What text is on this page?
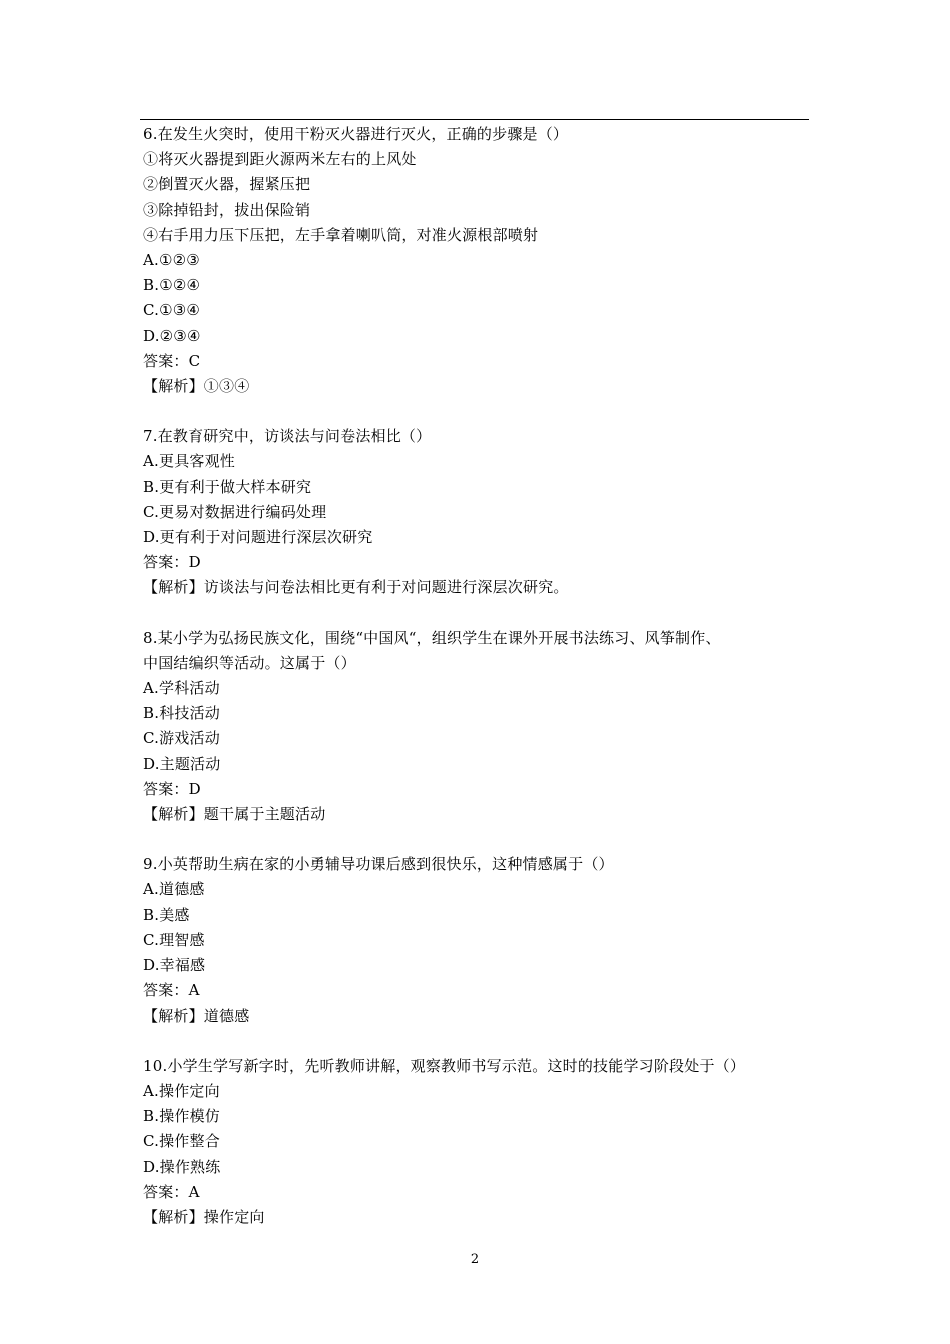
6.在发生火突时，使用干粉灭火器进行灭火，正确的步骤是（）
①将灭火器提到距火源两米左右的上风处
②倒置灭火器，握紧压把
③除掉铅封，拔出保险销
④右手用力压下压把，左手拿着喇叭筒，对准火源根部喷射
A.①②③
B.①②④
C.①③④
D.②③④
答案：C
【解析】①③④
7.在教育研究中，访谈法与问卷法相比（）
A.更具客观性
B.更有利于做大样本研究
C.更易对数据进行编码处理
D.更有利于对问题进行深层次研究
答案：D
【解析】访谈法与问卷法相比更有利于对问题进行深层次研究。
8.某小学为弘扬民族文化，围绕“中国风“，组织学生在课外开展书法练习、风筝制作、
中国结编织等活动。这属于（）
A.学科活动
B.科技活动
C.游戏活动
D.主题活动
答案：D
【解析】题干属于主题活动
9.小英帮助生病在家的小勇辅导功课后感到很快乐，这种情感属于（）
A.道德感
B.美感
C.理智感
D.幸福感
答案：A
【解析】道德感
10.小学生学写新字时，先听教师讲解，观察教师书写示范。这时的技能学习阶段处于（）
A.操作定向
B.操作模仿
C.操作整合
D.操作熟练
答案：A
【解析】操作定向
2
